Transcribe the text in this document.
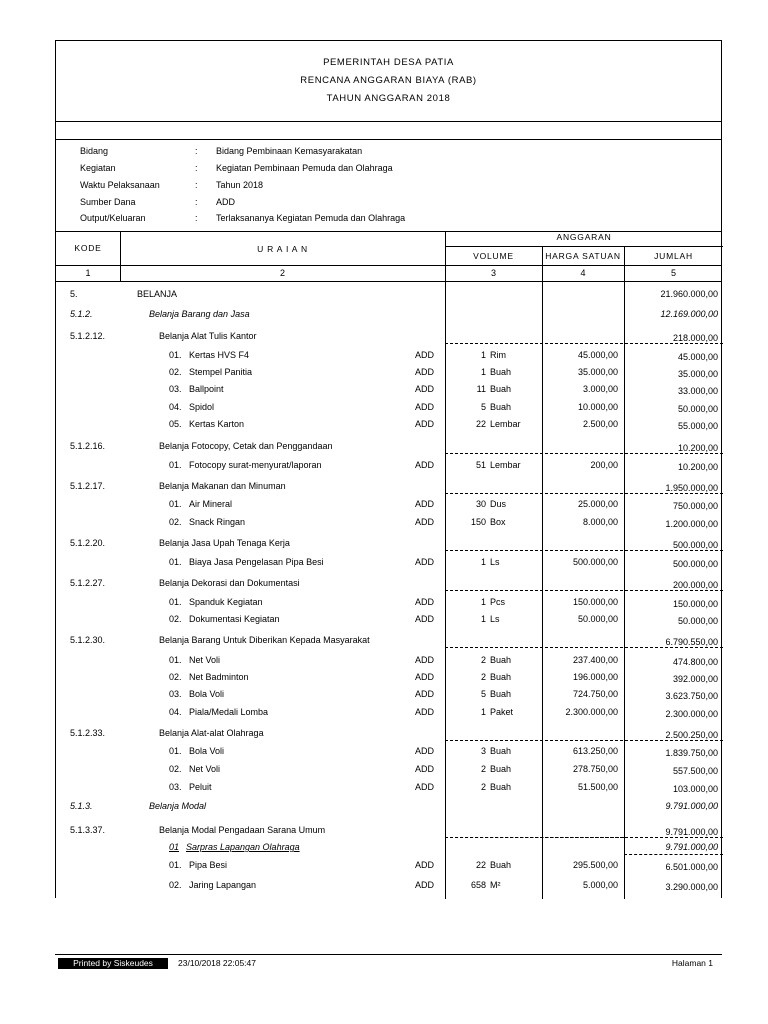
PEMERINTAH DESA PATIA
RENCANA ANGGARAN BIAYA (RAB)
TAHUN ANGGARAN 2018
Bidang	: Bidang Pembinaan Kemasyarakatan
Kegiatan	: Kegiatan Pembinaan Pemuda dan Olahraga
Waktu Pelaksanaan	: Tahun 2018
Sumber Dana	: ADD
Output/Keluaran	: Terlaksananya Kegiatan Pemuda dan Olahraga
KODE	U R A I A N
ANGGARAN
VOLUME	HARGA SATUAN	JUMLAH
1	2	3	4	5
5.	BELANJA	21.960.000,00
5.1.2.	Belanja Barang dan Jasa	12.169.000,00
5.1.2.12.	Belanja Alat Tulis Kantor	218.000,00
01. Kertas HVS F4	ADD	1 Rim	45.000,00	45.000,00
02. Stempel Panitia	ADD	1 Buah	35.000,00	35.000,00
03. Ballpoint	ADD	11 Buah	3.000,00	33.000,00
04. Spidol	ADD	5 Buah	10.000,00	50.000,00
05. Kertas Karton	ADD	22 Lembar	2.500,00	55.000,00
5.1.2.16.	Belanja Fotocopy, Cetak dan Penggandaan	10.200,00
01. Fotocopy surat-menyurat/laporan	ADD	51 Lembar	200,00	10.200,00
5.1.2.17.	Belanja Makanan dan Minuman	1.950.000,00
01. Air Mineral	ADD	30 Dus	25.000,00	750.000,00
02. Snack Ringan	ADD	150 Box	8.000,00	1.200.000,00
5.1.2.20.	Belanja Jasa Upah Tenaga Kerja	500.000,00
01. Biaya Jasa Pengelasan Pipa Besi	ADD	1 Ls	500.000,00	500.000,00
5.1.2.27.	Belanja Dekorasi dan Dokumentasi	200.000,00
01. Spanduk Kegiatan	ADD	1 Pcs	150.000,00	150.000,00
02. Dokumentasi Kegiatan	ADD	1 Ls	50.000,00	50.000,00
5.1.2.30.	Belanja Barang Untuk Diberikan Kepada Masyarakat	6.790.550,00
01. Net Voli	ADD	2 Buah	237.400,00	474.800,00
02. Net Badminton	ADD	2 Buah	196.000,00	392.000,00
03. Bola Voli	ADD	5 Buah	724.750,00	3.623.750,00
04. Piala/Medali Lomba	ADD	1 Paket	2.300.000,00	2.300.000,00
5.1.2.33.	Belanja Alat-alat Olahraga	2.500.250,00
01. Bola Voli	ADD	3 Buah	613.250,00	1.839.750,00
02. Net Voli	ADD	2 Buah	278.750,00	557.500,00
03. Peluit	ADD	2 Buah	51.500,00	103.000,00
5.1.3.	Belanja Modal	9.791.000,00
5.1.3.37.	Belanja Modal Pengadaan Sarana Umum	9.791.000,00
01 Sarpras Lapangan Olahraga	9.791.000,00
01. Pipa Besi	ADD	22 Buah	295.500,00	6.501.000,00
02. Jaring Lapangan	ADD	658 M²	5.000,00	3.290.000,00
Printed by Siskeudes	23/10/2018 22:05:47	Halaman 1
